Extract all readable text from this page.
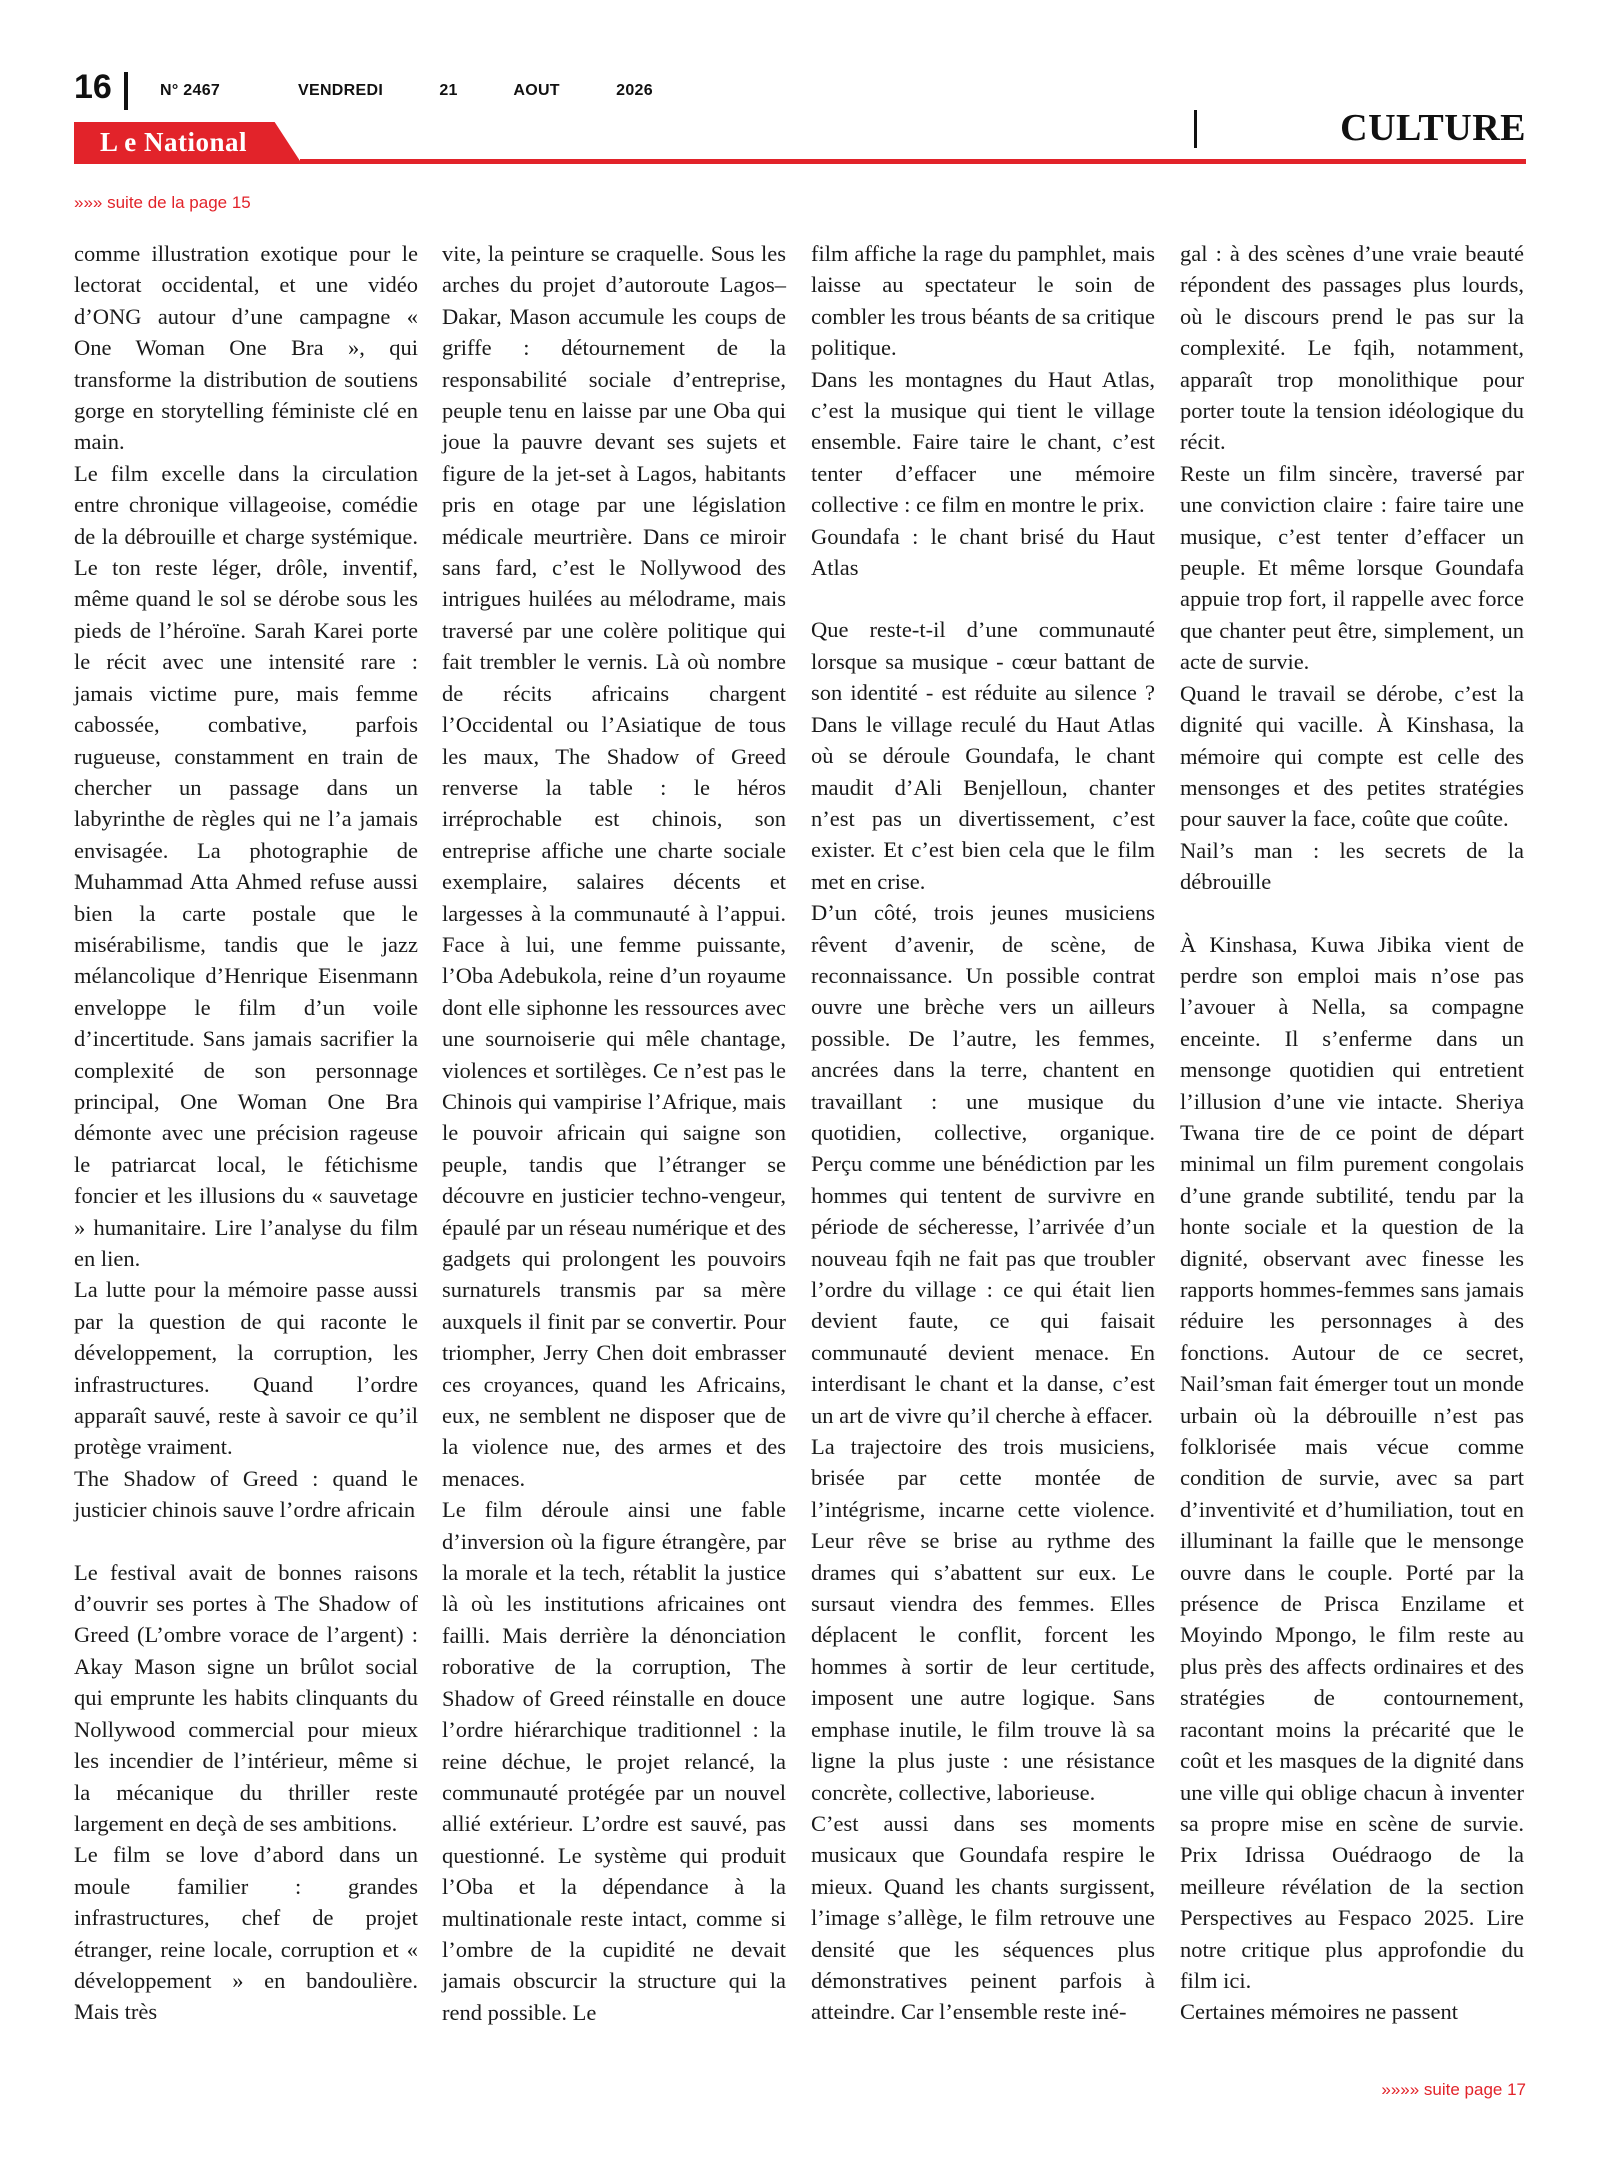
16	N° 2467	VENDREDI   21   AOUT   2026
L e National	CULTURE
»»» suite de la page 15

comme illustration exotique pour le lectorat occidental, et une vidéo d’ONG autour d’une campagne « One Woman One Bra », qui transforme la distribution de soutiens gorge en storytelling féministe clé en main.

Le film excelle dans la circulation entre chronique villageoise, comédie de la débrouille et charge systémique. Le ton reste léger, drôle, inventif, même quand le sol se dérobe sous les pieds de l’héroïne. Sarah Karei porte le récit avec une intensité rare : jamais victime pure, mais femme cabossée, combative, parfois rugueuse, constamment en train de chercher un passage dans un labyrinthe de règles qui ne l’a jamais envisagée. La photographie de Muhammad Atta Ahmed refuse aussi bien la carte postale que le misérabilisme, tandis que le jazz mélancolique d’Henrique Eisenmann enveloppe le film d’un voile d’incertitude. Sans jamais sacrifier la complexité de son personnage principal, One Woman One Bra démonte avec une précision rageuse le patriarcat local, le fétichisme foncier et les illusions du « sauvetage » humanitaire. Lire l’analyse du film en lien.

La lutte pour la mémoire passe aussi par la question de qui raconte le développement, la corruption, les infrastructures. Quand l’ordre apparaît sauvé, reste à savoir ce qu’il protège vraiment.

The Shadow of Greed : quand le justicier chinois sauve l’ordre africain

Le festival avait de bonnes raisons d’ouvrir ses portes à The Shadow of Greed (L’ombre vorace de l’argent) : Akay Mason signe un brûlot social qui emprunte les habits clinquants du Nollywood commercial pour mieux les incendier de l’intérieur, même si la mécanique du thriller reste largement en deçà de ses ambitions.

Le film se love d’abord dans un moule familier : grandes infrastructures, chef de projet étranger, reine locale, corruption et « développement » en bandoulière. Mais très

vite, la peinture se craquelle. Sous les arches du projet d’autoroute Lagos–Dakar, Mason accumule les coups de griffe : détournement de la responsabilité sociale d’entreprise, peuple tenu en laisse par une Oba qui joue la pauvre devant ses sujets et figure de la jet-set à Lagos, habitants pris en otage par une législation médicale meurtrière. Dans ce miroir sans fard, c’est le Nollywood des intrigues huilées au mélodrame, mais traversé par une colère politique qui fait trembler le vernis. Là où nombre de récits africains chargent l’Occidental ou l’Asiatique de tous les maux, The Shadow of Greed renverse la table : le héros irréprochable est chinois, son entreprise affiche une charte sociale exemplaire, salaires décents et largesses à la communauté à l’appui. Face à lui, une femme puissante, l’Oba Adebukola, reine d’un royaume dont elle siphonne les ressources avec une sournoiserie qui mêle chantage, violences et sortilèges. Ce n’est pas le Chinois qui vampirise l’Afrique, mais le pouvoir africain qui saigne son peuple, tandis que l’étranger se découvre en justicier techno-vengeur, épaulé par un réseau numérique et des gadgets qui prolongent les pouvoirs surnaturels transmis par sa mère auxquels il finit par se convertir. Pour triompher, Jerry Chen doit embrasser ces croyances, quand les Africains, eux, ne semblent ne disposer que de la violence nue, des armes et des menaces.

Le film déroule ainsi une fable d’inversion où la figure étrangère, par la morale et la tech, rétablit la justice là où les institutions africaines ont failli. Mais derrière la dénonciation roborative de la corruption, The Shadow of Greed réinstalle en douce l’ordre hiérarchique traditionnel : la reine déchue, le projet relancé, la communauté protégée par un nouvel allié extérieur. L’ordre est sauvé, pas questionné. Le système qui produit l’Oba et la dépendance à la multinationale reste intact, comme si l’ombre de la cupidité ne devait jamais obscurcir la structure qui la rend possible. Le

film affiche la rage du pamphlet, mais laisse au spectateur le soin de combler les trous béants de sa critique politique.

Dans les montagnes du Haut Atlas, c’est la musique qui tient le village ensemble. Faire taire le chant, c’est tenter d’effacer une mémoire collective : ce film en montre le prix.

Goundafa : le chant brisé du Haut Atlas

Que reste-t-il d’une communauté lorsque sa musique - cœur battant de son identité - est réduite au silence ? Dans le village reculé du Haut Atlas où se déroule Goundafa, le chant maudit d’Ali Benjelloun, chanter n’est pas un divertissement, c’est exister. Et c’est bien cela que le film met en crise.

D’un côté, trois jeunes musiciens rêvent d’avenir, de scène, de reconnaissance. Un possible contrat ouvre une brèche vers un ailleurs possible. De l’autre, les femmes, ancrées dans la terre, chantent en travaillant : une musique du quotidien, collective, organique. Perçu comme une bénédiction par les hommes qui tentent de survivre en période de sécheresse, l’arrivée d’un nouveau fqih ne fait pas que troubler l’ordre du village : ce qui était lien devient faute, ce qui faisait communauté devient menace. En interdisant le chant et la danse, c’est un art de vivre qu’il cherche à effacer.

La trajectoire des trois musiciens, brisée par cette montée de l’intégrisme, incarne cette violence. Leur rêve se brise au rythme des drames qui s’abattent sur eux. Le sursaut viendra des femmes. Elles déplacent le conflit, forcent les hommes à sortir de leur certitude, imposent une autre logique. Sans emphase inutile, le film trouve là sa ligne la plus juste : une résistance concrète, collective, laborieuse.

C’est aussi dans ses moments musicaux que Goundafa respire le mieux. Quand les chants surgissent, l’image s’allège, le film retrouve une densité que les séquences plus démonstratives peinent parfois à atteindre. Car l’ensemble reste iné-

gal : à des scènes d’une vraie beauté répondent des passages plus lourds, où le discours prend le pas sur la complexité. Le fqih, notamment, apparaît trop monolithique pour porter toute la tension idéologique du récit.

Reste un film sincère, traversé par une conviction claire : faire taire une musique, c’est tenter d’effacer un peuple. Et même lorsque Goundafa appuie trop fort, il rappelle avec force que chanter peut être, simplement, un acte de survie.

Quand le travail se dérobe, c’est la dignité qui vacille. À Kinshasa, la mémoire qui compte est celle des mensonges et des petites stratégies pour sauver la face, coûte que coûte.

Nail’s man : les secrets de la débrouille

À Kinshasa, Kuwa Jibika vient de perdre son emploi mais n’ose pas l’avouer à Nella, sa compagne enceinte. Il s’enferme dans un mensonge quotidien qui entretient l’illusion d’une vie intacte. Sheriya Twana tire de ce point de départ minimal un film purement congolais d’une grande subtilité, tendu par la honte sociale et la question de la dignité, observant avec finesse les rapports hommes-femmes sans jamais réduire les personnages à des fonctions. Autour de ce secret, Nail’sman fait émerger tout un monde urbain où la débrouille n’est pas folklorisée mais vécue comme condition de survie, avec sa part d’inventivité et d’humiliation, tout en illuminant la faille que le mensonge ouvre dans le couple. Porté par la présence de Prisca Enzilame et Moyindo Mpongo, le film reste au plus près des affects ordinaires et des stratégies de contournement, racontant moins la précarité que le coût et les masques de la dignité dans une ville qui oblige chacun à inventer sa propre mise en scène de survie. Prix Idrissa Ouédraogo de la meilleure révélation de la section Perspectives au Fespaco 2025. Lire notre critique plus approfondie du film ici.

Certaines mémoires ne passent

»»»» suite page 17
